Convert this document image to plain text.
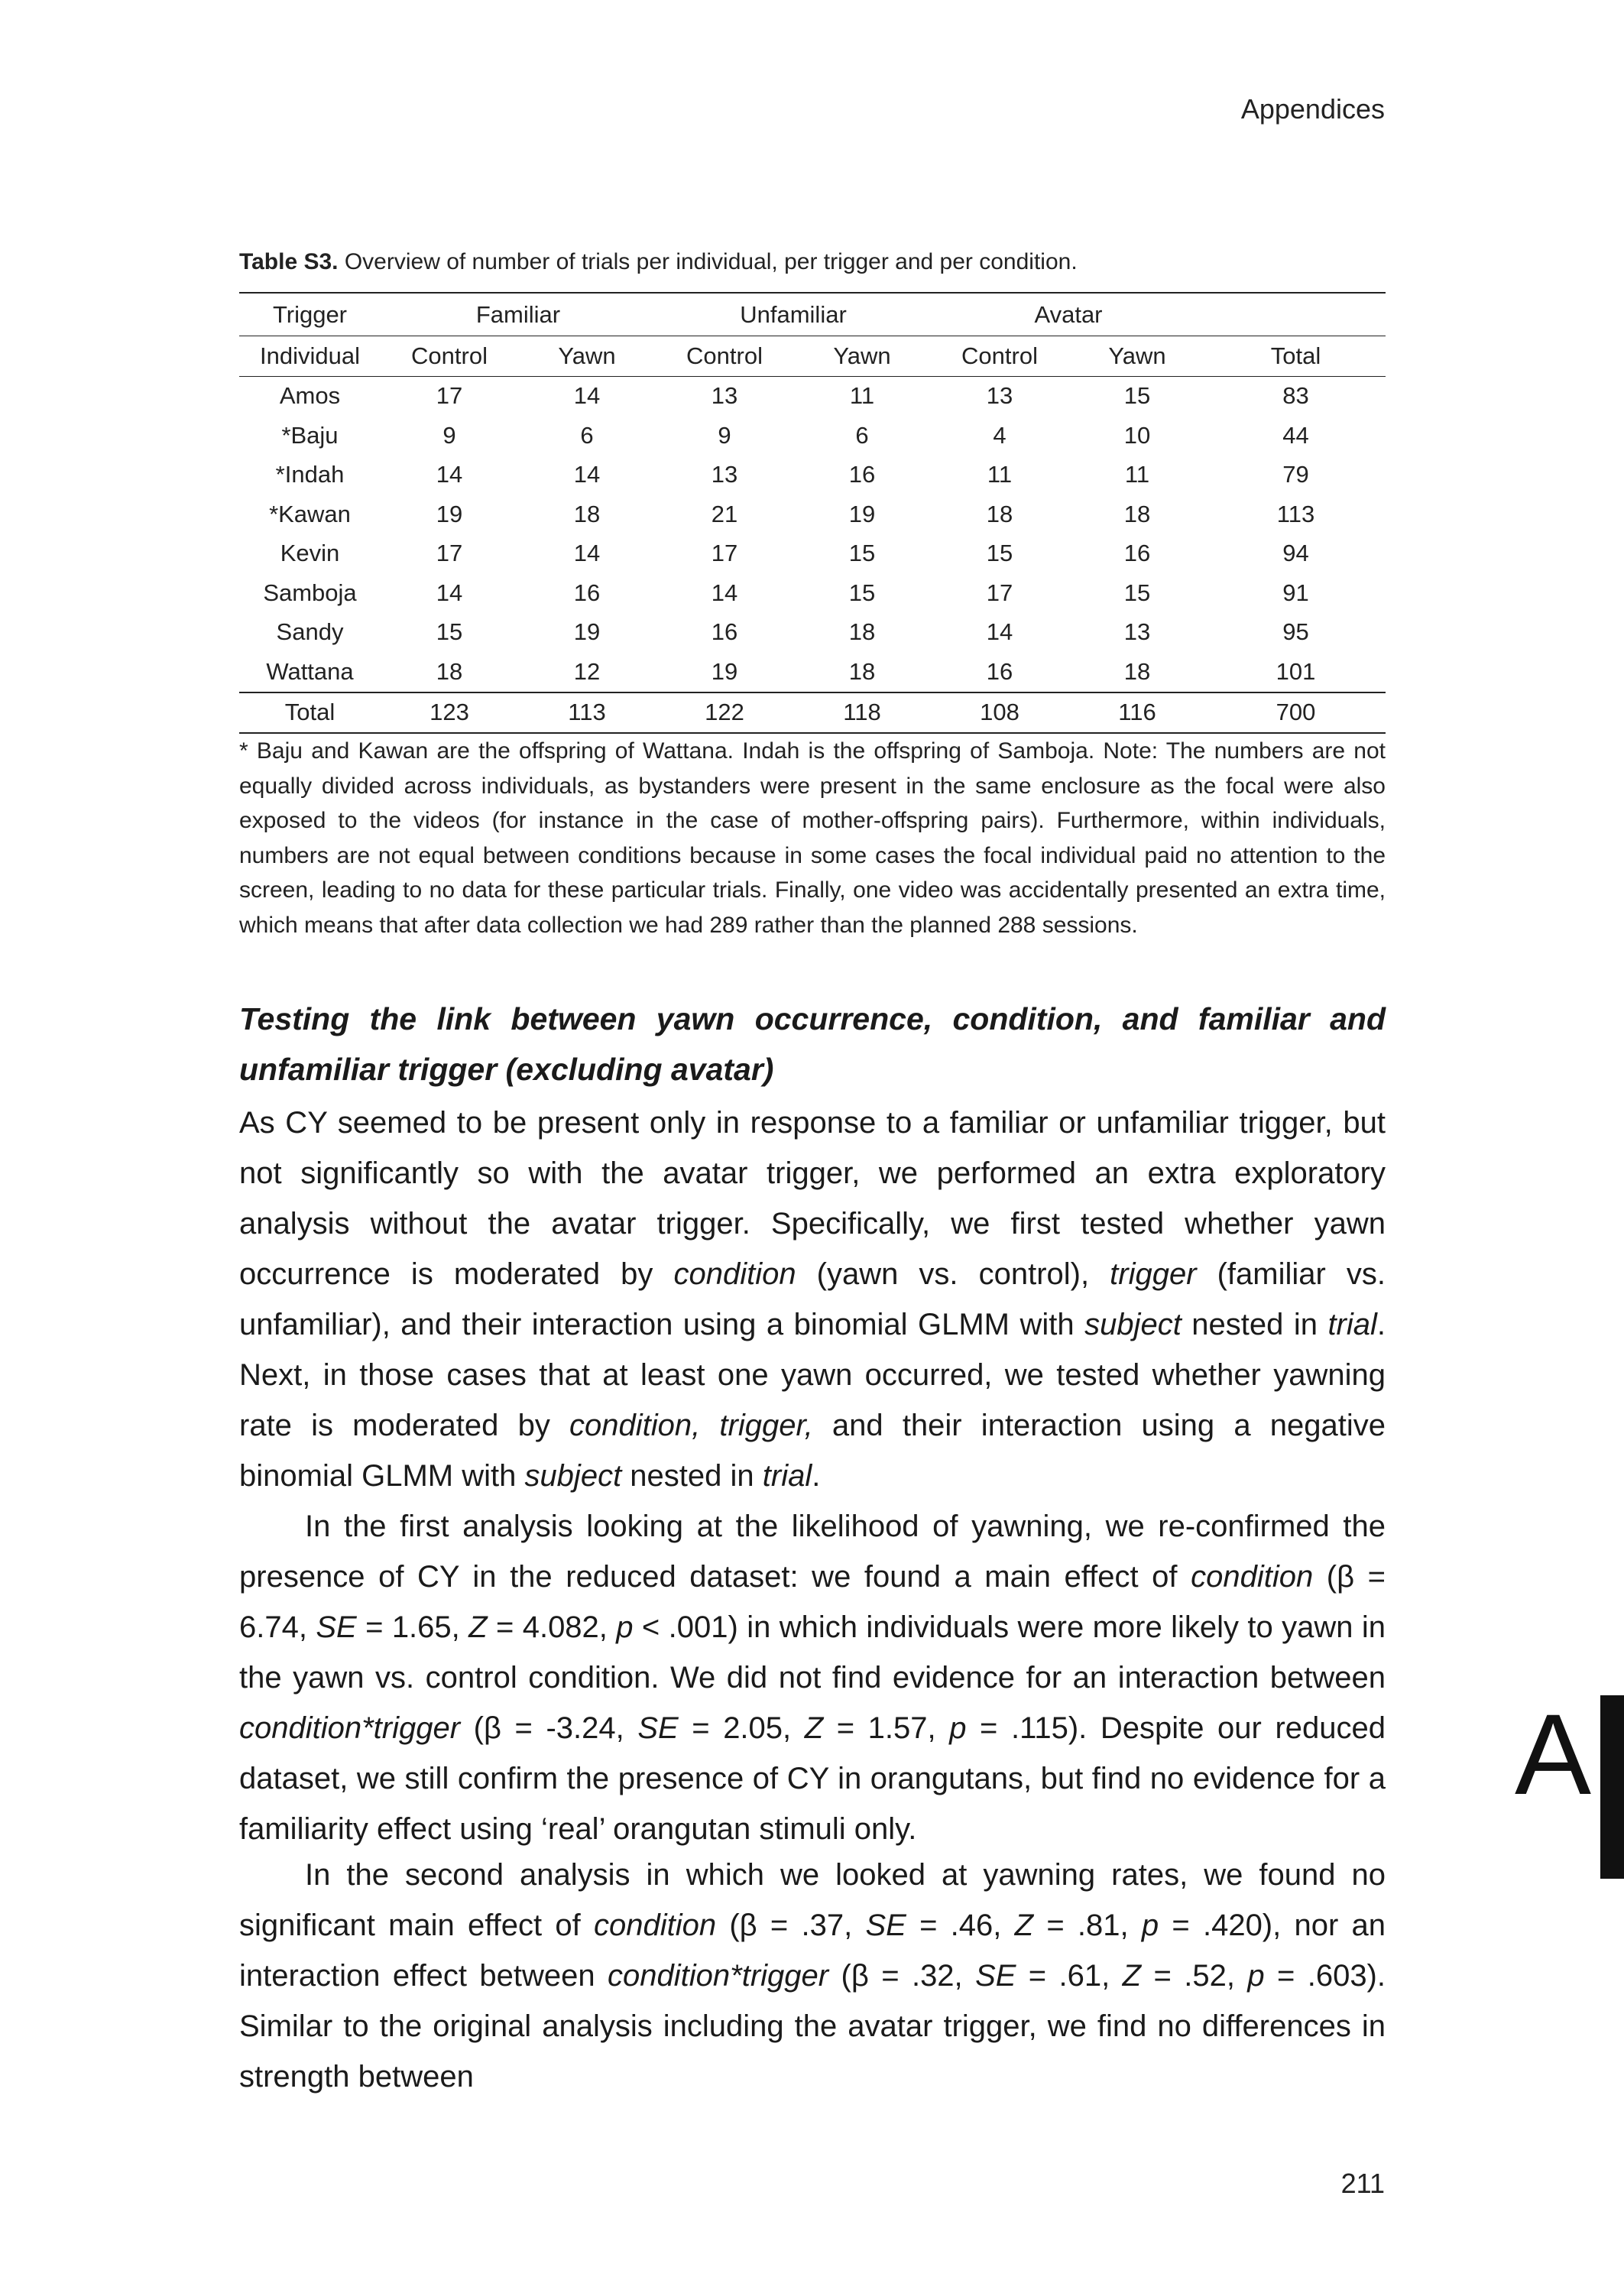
Appendices
Table S3. Overview of number of trials per individual, per trigger and per condition.
Trigger	Familiar		Unfamiliar		Avatar		
Individual	Control	Yawn	Control	Yawn	Control	Yawn	Total
Amos	17	14	13	11	13	15	83
*Baju	9	6	9	6	4	10	44
*Indah	14	14	13	16	11	11	79
*Kawan	19	18	21	19	18	18	113
Kevin	17	14	17	15	15	16	94
Samboja	14	16	14	15	17	15	91
Sandy	15	19	16	18	14	13	95
Wattana	18	12	19	18	16	18	101
Total	123	113	122	118	108	116	700
* Baju and Kawan are the offspring of Wattana. Indah is the offspring of Samboja. Note: The numbers are not equally divided across individuals, as bystanders were present in the same enclosure as the focal were also exposed to the videos (for instance in the case of mother-offspring pairs). Furthermore, within individuals, numbers are not equal between conditions because in some cases the focal individual paid no attention to the screen, leading to no data for these particular trials. Finally, one video was accidentally presented an extra time, which means that after data collection we had 289 rather than the planned 288 sessions.
Testing the link between yawn occurrence, condition, and familiar and unfamiliar trigger (excluding avatar)

As CY seemed to be present only in response to a familiar or unfamiliar trigger, but not significantly so with the avatar trigger, we performed an extra exploratory analysis without the avatar trigger. Specifically, we first tested whether yawn occurrence is moderated by condition (yawn vs. control), trigger (familiar vs. unfamiliar), and their interaction using a binomial GLMM with subject nested in trial. Next, in those cases that at least one yawn occurred, we tested whether yawning rate is moderated by condition, trigger, and their interaction using a negative binomial GLMM with subject nested in trial.

In the first analysis looking at the likelihood of yawning, we re-confirmed the presence of CY in the reduced dataset: we found a main effect of condition (β = 6.74, SE = 1.65, Z = 4.082, p < .001) in which individuals were more likely to yawn in the yawn vs. control condition. We did not find evidence for an interaction between condition*trigger (β = -3.24, SE = 2.05, Z = 1.57, p = .115). Despite our reduced dataset, we still confirm the presence of CY in orangutans, but find no evidence for a familiarity effect using ‘real’ orangutan stimuli only.

In the second analysis in which we looked at yawning rates, we found no significant main effect of condition (β = .37, SE = .46, Z = .81, p = .420), nor an interaction effect between condition*trigger (β = .32, SE = .61, Z = .52, p = .603). Similar to the original analysis including the avatar trigger, we find no differences in strength between

A
211
